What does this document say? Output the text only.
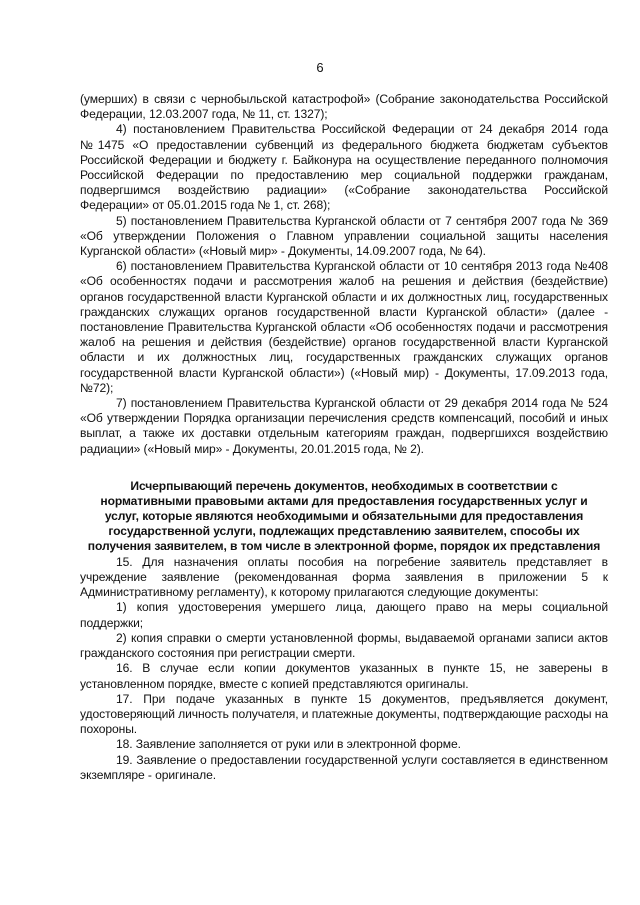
6

(умерших) в связи с чернобыльской катастрофой» (Собрание законодательства Российской Федерации, 12.03.2007 года, № 11, ст. 1327);

4) постановлением Правительства Российской Федерации от 24 декабря 2014 года №1475 «О предоставлении субвенций из федерального бюджета бюджетам субъектов Российской Федерации и бюджету г. Байконура на осуществление переданного полномочия Российской Федерации по предоставлению мер социальной поддержки гражданам, подвергшимся воздействию радиации» («Собрание законодательства Российской Федерации» от 05.01.2015 года № 1, ст. 268);

5) постановлением Правительства Курганской области от 7 сентября 2007 года № 369 «Об утверждении Положения о Главном управлении социальной защиты населения Курганской области» («Новый мир» - Документы, 14.09.2007 года, № 64).

6) постановлением Правительства Курганской области от 10 сентября 2013 года №408 «Об особенностях подачи и рассмотрения жалоб на решения и действия (бездействие) органов государственной власти Курганской области и их должностных лиц, государственных гражданских служащих органов государственной власти Курганской области» (далее - постановление Правительства Курганской области «Об особенностях подачи и рассмотрения жалоб на решения и действия (бездействие) органов государственной власти Курганской области и их должностных лиц, государственных гражданских служащих органов государственной власти Курганской области») («Новый мир) - Документы, 17.09.2013 года, №72);

7) постановлением Правительства Курганской области от 29 декабря 2014 года № 524 «Об утверждении Порядка организации перечисления средств компенсаций, пособий и иных выплат, а также их доставки отдельным категориям граждан, подвергшихся воздействию радиации» («Новый мир» - Документы, 20.01.2015 года, № 2).

Исчерпывающий перечень документов, необходимых в соответствии с нормативными правовыми актами для предоставления государственных услуг и услуг, которые являются необходимыми и обязательными для предоставления государственной услуги, подлежащих представлению заявителем, способы их получения заявителем, в том числе в электронной форме, порядок их представления

15. Для назначения оплаты пособия на погребение заявитель представляет в учреждение заявление (рекомендованная форма заявления в приложении 5 к Административному регламенту), к которому прилагаются следующие документы:

1) копия удостоверения умершего лица, дающего право на меры социальной поддержки;

2) копия справки о смерти установленной формы, выдаваемой органами записи актов гражданского состояния при регистрации смерти.

16. В случае если копии документов указанных в пункте 15, не заверены в установленном порядке, вместе с копией представляются оригиналы.

17. При подаче указанных в пункте 15 документов, предъявляется документ, удостоверяющий личность получателя, и платежные документы, подтверждающие расходы на похороны.

18. Заявление заполняется от руки или в электронной форме.

19. Заявление о предоставлении государственной услуги составляется в единственном экземпляре - оригинале.
